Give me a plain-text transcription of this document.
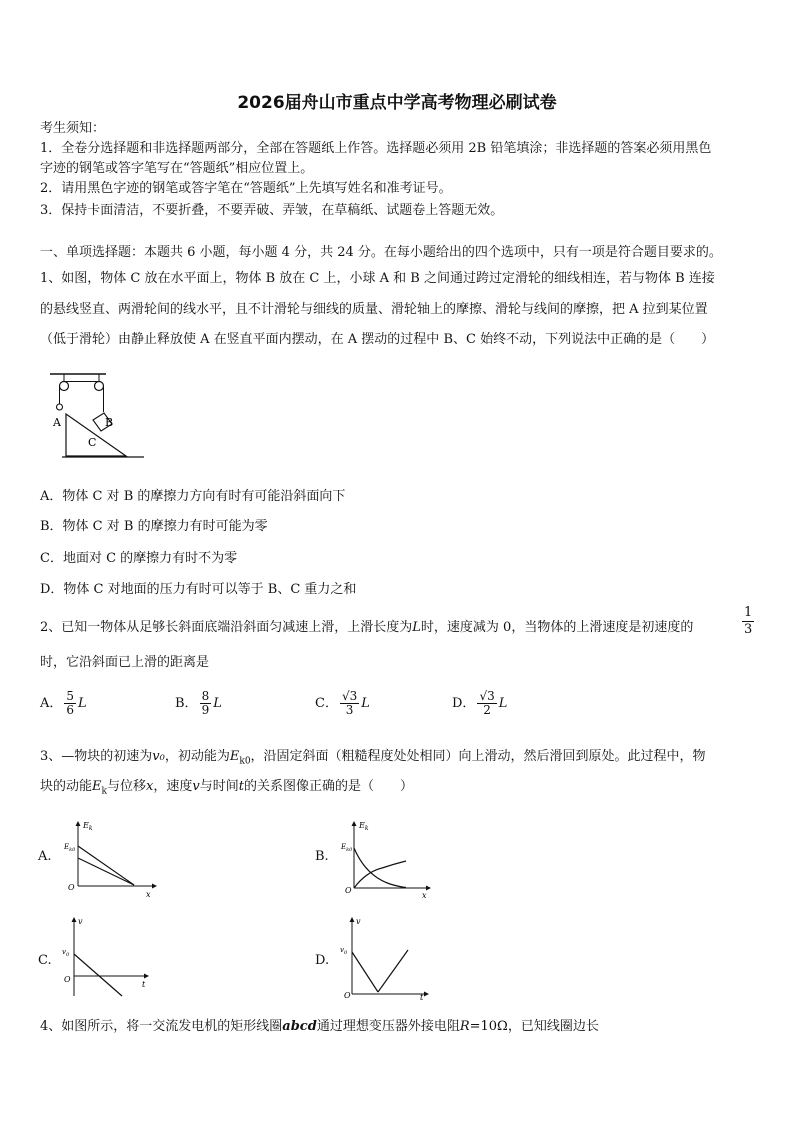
2026届舟山市重点中学高考物理必刷试卷
考生须知：
1．全卷分选择题和非选择题两部分，全部在答题纸上作答。选择题必须用 2B 铅笔填涂；非选择题的答案必须用黑色
字迹的钢笔或答字笔写在“答题纸”相应位置上。
2．请用黑色字迹的钢笔或答字笔在“答题纸”上先填写姓名和准考证号。
3．保持卡面清洁，不要折叠，不要弄破、弄皱，在草稿纸、试题卷上答题无效。
一、单项选择题：本题共 6 小题，每小题 4 分，共 24 分。在每小题给出的四个选项中，只有一项是符合题目要求的。
1、如图，物体 C 放在水平面上，物体 B 放在 C 上，小球 A 和 B 之间通过跨过定滑轮的细线相连，若与物体 B 连接
的悬线竖直、两滑轮间的线水平，且不计滑轮与细线的质量、滑轮轴上的摩擦、滑轮与线间的摩擦，把 A 拉到某位置
（低于滑轮）由静止释放使 A 在竖直平面内摆动，在 A 摆动的过程中 B、C 始终不动，下列说法中正确的是（　　）
A	B
C
A．物体 C 对 B 的摩擦力方向有时有可能沿斜面向下
B．物体 C 对 B 的摩擦力有时可能为零
C．地面对 C 的摩擦力有时不为零
D．物体 C 对地面的压力有时可以等于 B、C 重力之和
2、已知一物体从足够长斜面底端沿斜面匀减速上滑，上滑长度为L时，速度减为 0，当物体的上滑速度是初速度的	$\frac{1}{3}$
时，它沿斜面已上滑的距离是
A． $\frac{5}{6}$ L	B． $\frac{8}{9}$ L	C． $\frac{√3}{3}$ L	D． $\frac{√3}{2}$ L
3、—物块的初速为v₀，初动能为$E_{k0}$，沿固定斜面（粗糙程度处处相同）向上滑动，然后滑回到原处。此过程中，物
块的动能$E_k$与位移x，速度v与时间t的关系图像正确的是（　　）
A.	B.
C.	D.
$E_k$
$E_{k0}$
O
x
$E_k$
$E_{k0}$
O
x
v
$v_0$
O
t
v
$v_0$
O	t
4、如图所示，将一交流发电机的矩形线圈abcd通过理想变压器外接电阻R=10Ω，已知线圈边长
